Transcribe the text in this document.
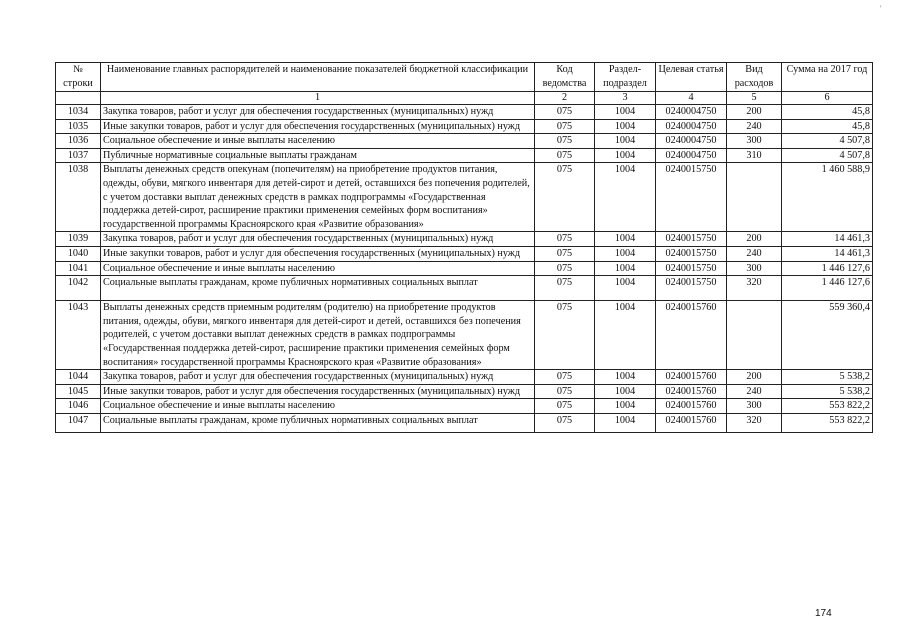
'
№ строки	Наименование главных распорядителей и наименование показателей бюджетной классификации	Код ведомства	Раздел-подраздел	Целевая статья	Вид расходов	Сумма на 2017 год
	1	2	3	4	5	6
1034	Закупка товаров, работ и услуг для обеспечения государственных (муниципальных) нужд	075	1004	0240004750	200	45,8
1035	Иные закупки товаров, работ и услуг для обеспечения государственных (муниципальных) нужд	075	1004	0240004750	240	45,8
1036	Социальное обеспечение и иные выплаты населению	075	1004	0240004750	300	4 507,8
1037	Публичные нормативные социальные выплаты гражданам	075	1004	0240004750	310	4 507,8
1038	Выплаты денежных средств опекунам (попечителям) на приобретение продуктов питания, одежды, обуви, мягкого инвентаря для детей-сирот и детей, оставшихся без попечения родителей, с учетом доставки выплат денежных средств в рамках подпрограммы «Государственная поддержка детей-сирот, расширение практики применения семейных форм воспитания» государственной программы Красноярского края «Развитие образования»	075	1004	0240015750		1 460 588,9
1039	Закупка товаров, работ и услуг для обеспечения государственных (муниципальных) нужд	075	1004	0240015750	200	14 461,3
1040	Иные закупки товаров, работ и услуг для обеспечения государственных (муниципальных) нужд	075	1004	0240015750	240	14 461,3
1041	Социальное обеспечение и иные выплаты населению	075	1004	0240015750	300	1 446 127,6
1042	Социальные выплаты гражданам, кроме публичных нормативных социальных выплат	075	1004	0240015750	320	1 446 127,6
1043	Выплаты денежных средств приемным родителям (родителю) на приобретение продуктов питания, одежды, обуви, мягкого инвентаря для детей-сирот и детей, оставшихся без попечения родителей, с учетом доставки выплат денежных средств в рамках подпрограммы «Государственная поддержка детей-сирот, расширение практики применения семейных форм воспитания» государственной программы Красноярского края «Развитие образования»	075	1004	0240015760		559 360,4
1044	Закупка товаров, работ и услуг для обеспечения государственных (муниципальных) нужд	075	1004	0240015760	200	5 538,2
1045	Иные закупки товаров, работ и услуг для обеспечения государственных (муниципальных) нужд	075	1004	0240015760	240	5 538,2
1046	Социальное обеспечение и иные выплаты населению	075	1004	0240015760	300	553 822,2
1047	Социальные выплаты гражданам, кроме публичных нормативных социальных выплат	075	1004	0240015760	320	553 822,2
174
